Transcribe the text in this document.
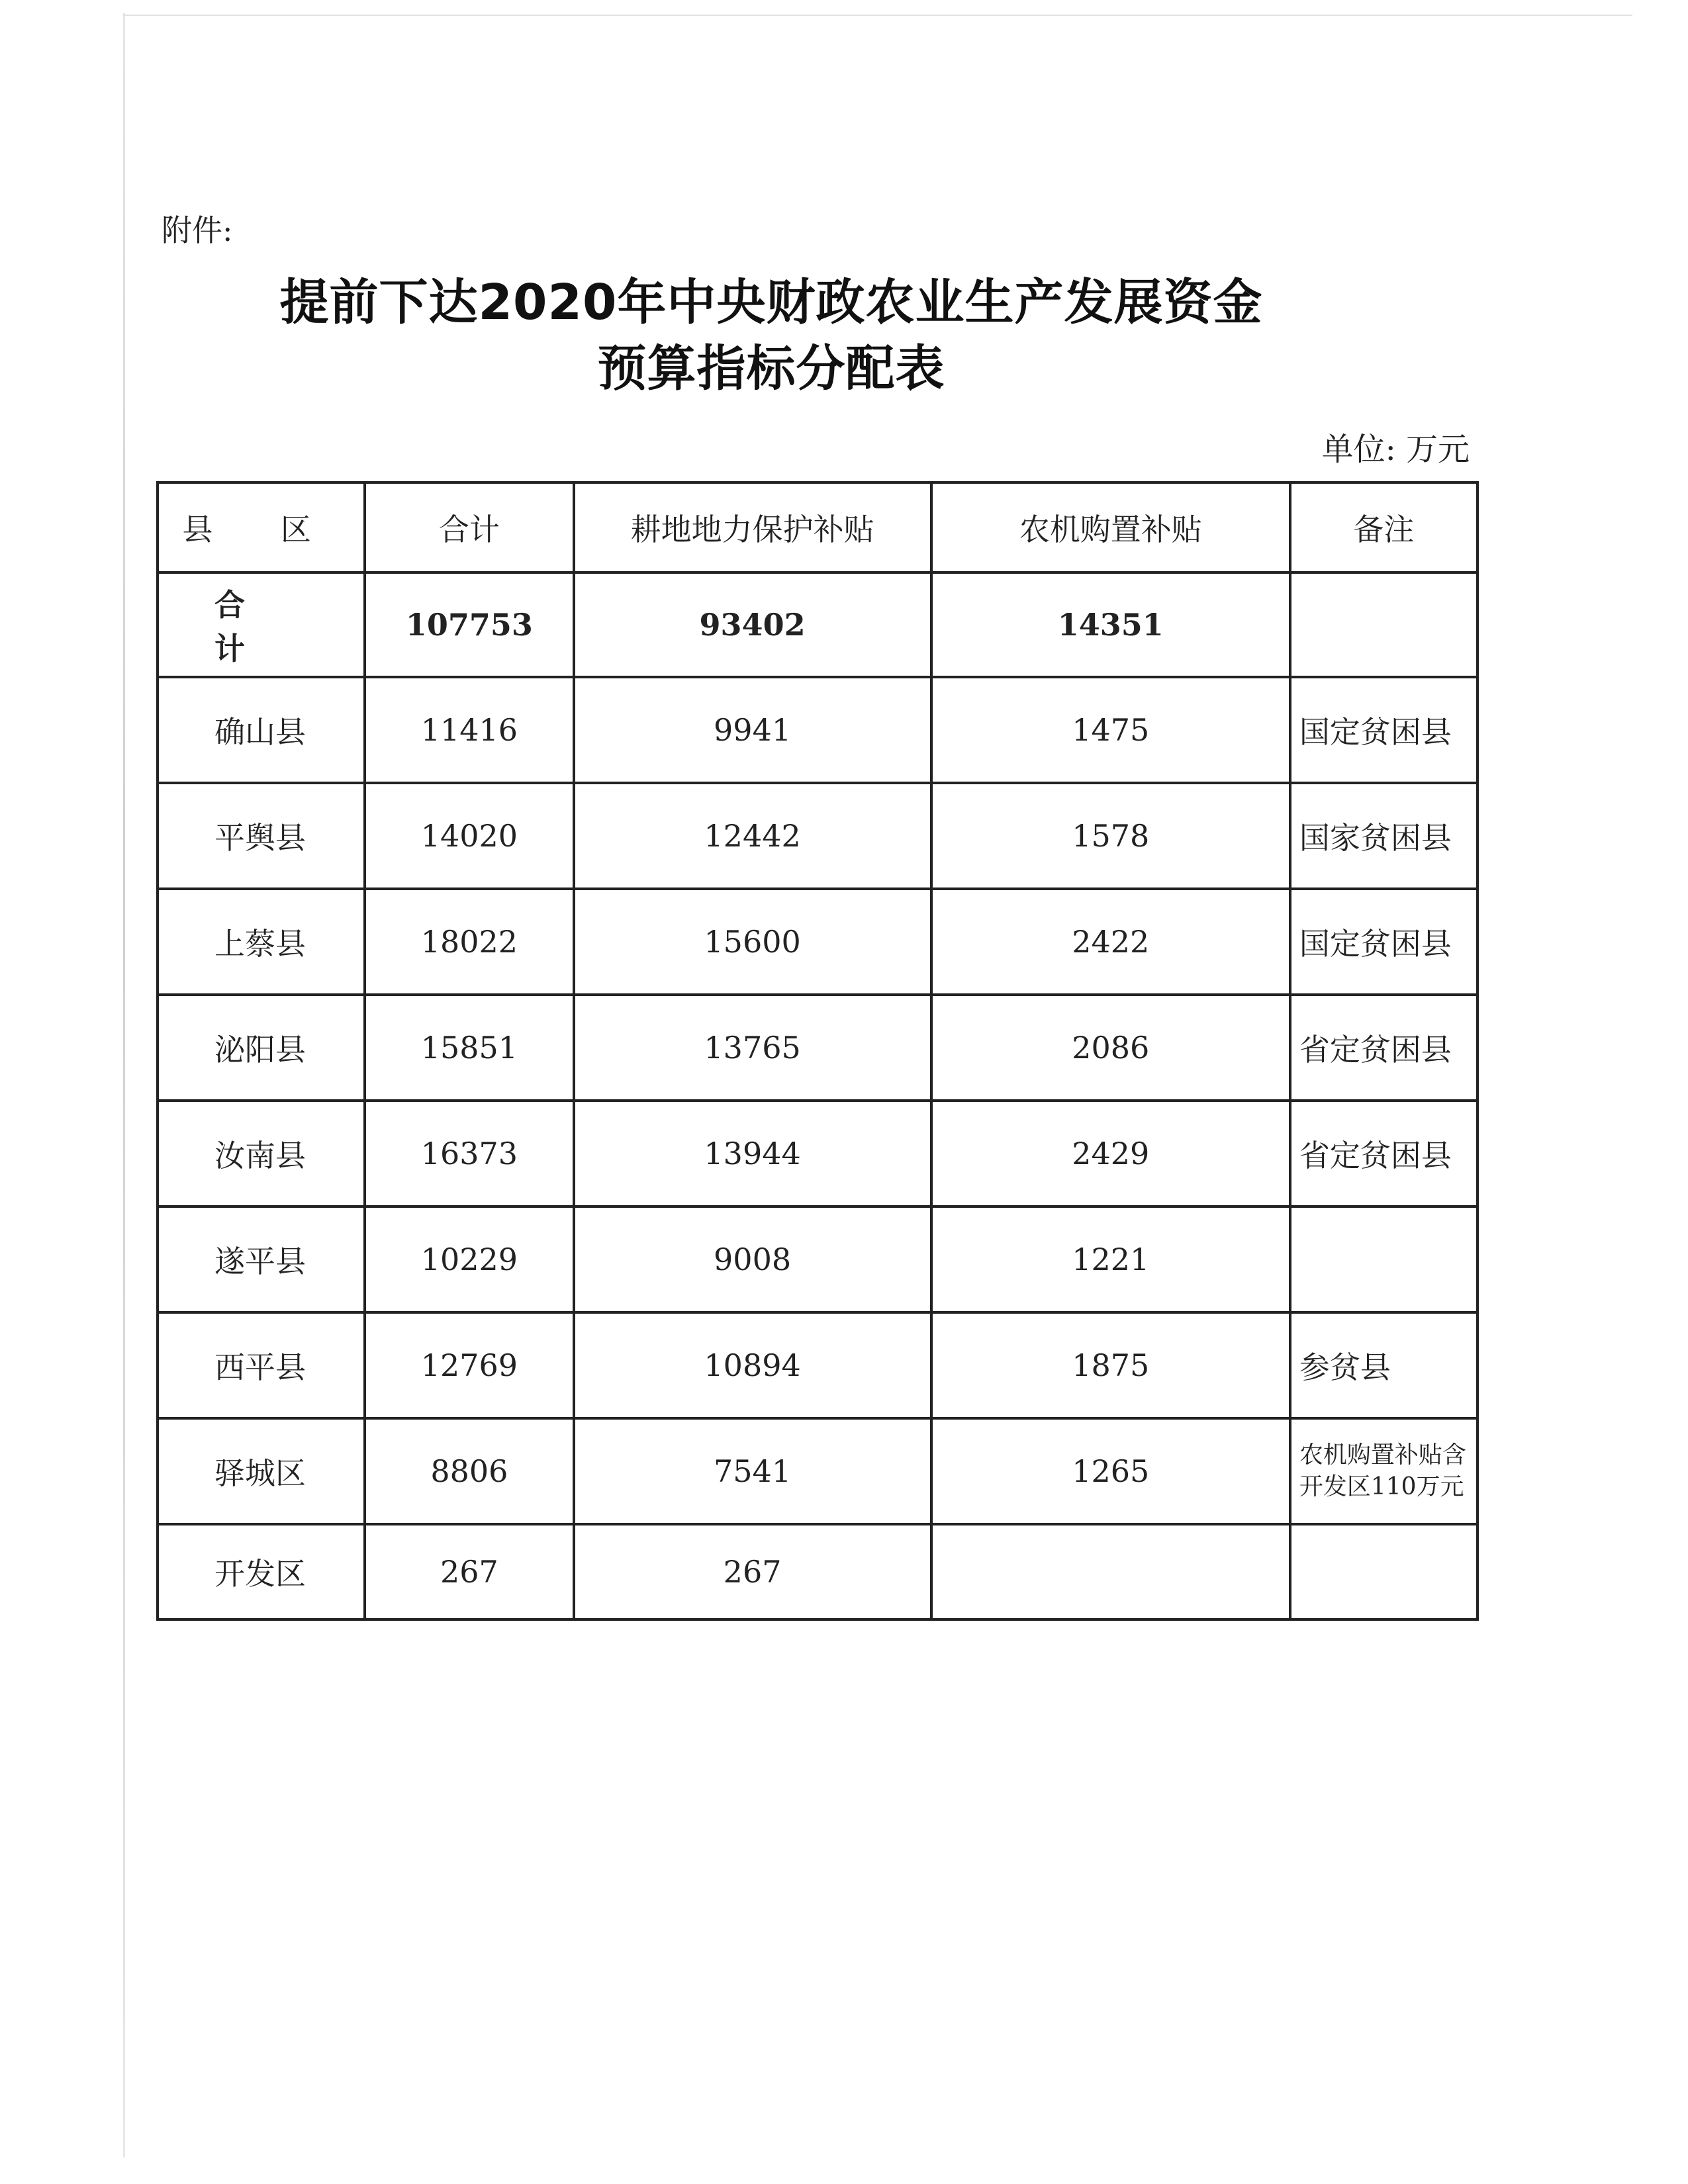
附件:
提前下达2020年中央财政农业生产发展资金
预算指标分配表
单位: 万元
县 区	合计	耕地地力保护补贴	农机购置补贴	备注
合 计	107753	93402	14351	
确山县	11416	9941	1475	国定贫困县
平舆县	14020	12442	1578	国家贫困县
上蔡县	18022	15600	2422	国定贫困县
泌阳县	15851	13765	2086	省定贫困县
汝南县	16373	13944	2429	省定贫困县
遂平县	10229	9008	1221	
西平县	12769	10894	1875	参贫县
驿城区	8806	7541	1265	农机购置补贴含开发区110万元
开发区	267	267		
